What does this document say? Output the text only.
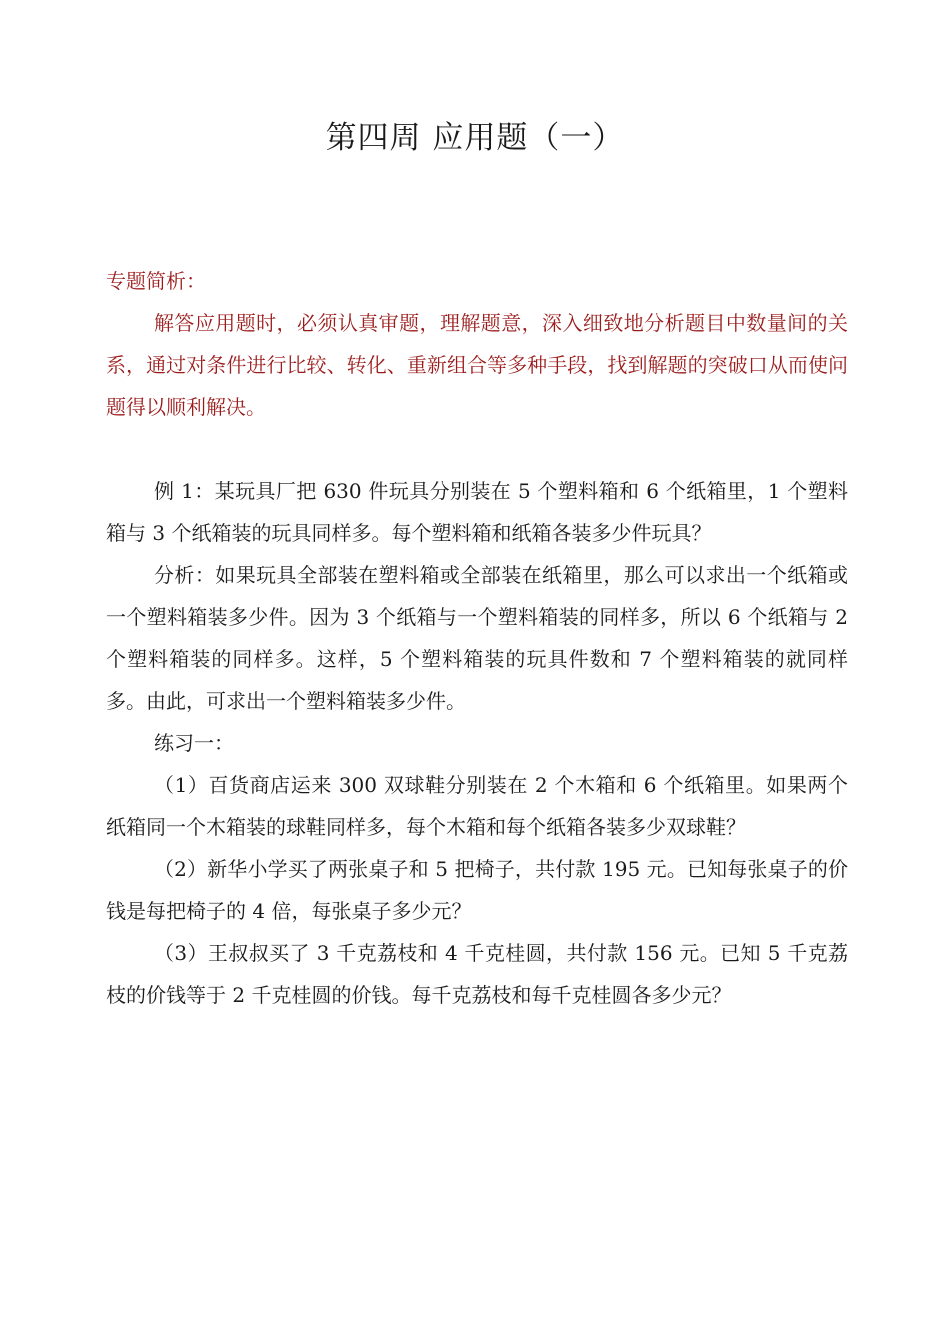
第四周 应用题（一）

专题简析：

解答应用题时，必须认真审题，理解题意，深入细致地分析题目中数量间的关系，通过对条件进行比较、转化、重新组合等多种手段，找到解题的突破口从而使问题得以顺利解决。

例 1：某玩具厂把 630 件玩具分别装在 5 个塑料箱和 6 个纸箱里，1 个塑料箱与 3 个纸箱装的玩具同样多。每个塑料箱和纸箱各装多少件玩具？

分析：如果玩具全部装在塑料箱或全部装在纸箱里，那么可以求出一个纸箱或一个塑料箱装多少件。因为 3 个纸箱与一个塑料箱装的同样多，所以 6 个纸箱与 2 个塑料箱装的同样多。这样，5 个塑料箱装的玩具件数和 7 个塑料箱装的就同样多。由此，可求出一个塑料箱装多少件。

练习一：

（1）百货商店运来 300 双球鞋分别装在 2 个木箱和 6 个纸箱里。如果两个纸箱同一个木箱装的球鞋同样多，每个木箱和每个纸箱各装多少双球鞋？

（2）新华小学买了两张桌子和 5 把椅子，共付款 195 元。已知每张桌子的价钱是每把椅子的 4 倍，每张桌子多少元？

（3）王叔叔买了 3 千克荔枝和 4 千克桂圆，共付款 156 元。已知 5 千克荔枝的价钱等于 2 千克桂圆的价钱。每千克荔枝和每千克桂圆各多少元？
